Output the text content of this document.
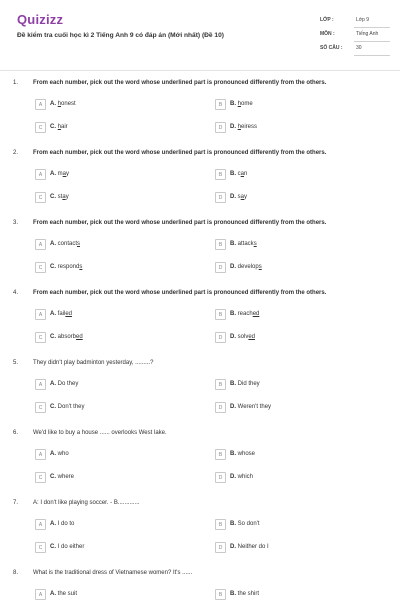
Quizizz
Đề kiểm tra cuối học kì 2 Tiếng Anh 9 có đáp án (Mới nhất) (Đề 10)
LỚP :	Lớp 9
MÔN :	Tiếng Anh
SỐ CÂU :	30
1. From each number, pick out the word whose underlined part is pronounced differently from the others.
A	A. honest	B	B. home
C	C. hair	D	D. heiress
2. From each number, pick out the word whose underlined part is pronounced differently from the others.
A	A. may	B	B. can
C	C. stay	D	D. say
3. From each number, pick out the word whose underlined part is pronounced differently from the others.
A	A. contacts	B	B. attacks
C	C. responds	D	D. develops
4. From each number, pick out the word whose underlined part is pronounced differently from the others.
A	A. failed	B	B. reached
C	C. absorbed	D	D. solved
5. They didn't play badminton yesterday, .........?
A	A. Do they	B	B. Did they
C	C. Don't they	D	D. Weren't they
6. We'd like to buy a house ...... overlooks West lake.
A	A. who	B	B. whose
C	C. where	D	D. which
7. A: I don't like playing soccer. - B.............
A	A. I do to	B	B. So don't
C	C. I do either	D	D. Neither do I
8. What is the traditional dress of Vietnamese women? It's ......
A	A. the suit	B	B. the shirt
